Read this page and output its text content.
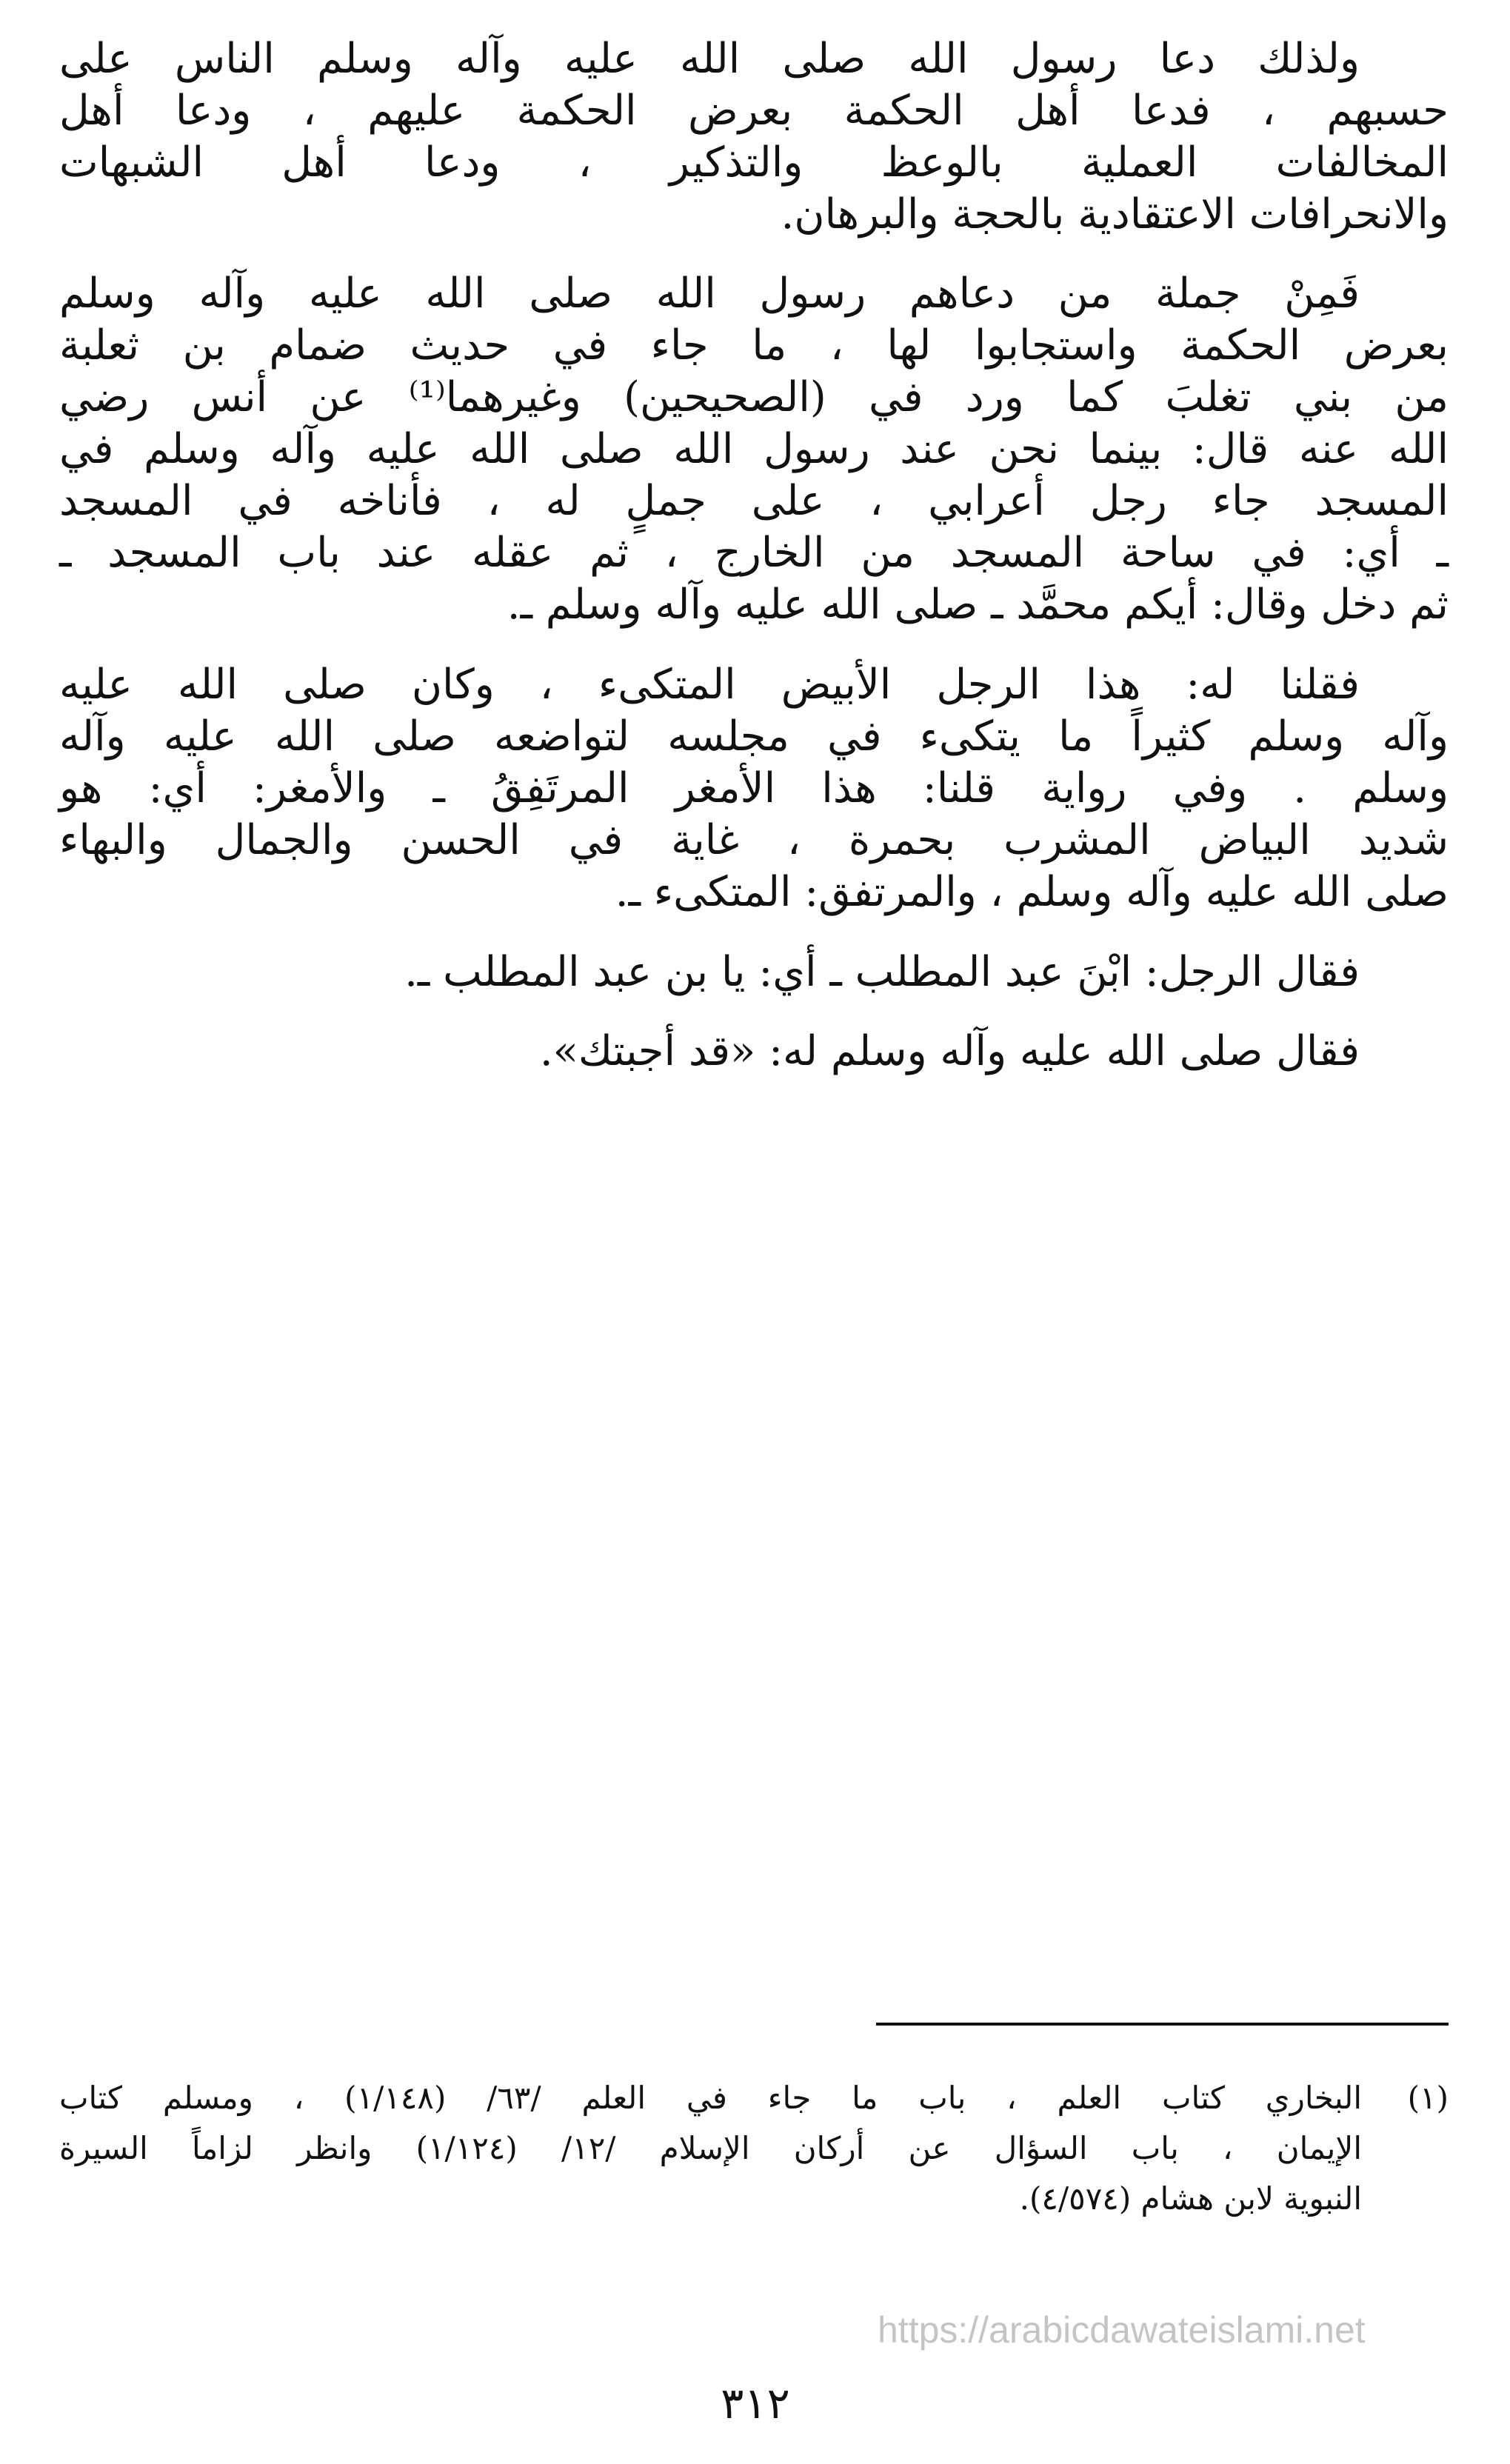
ولذلك دعا رسول الله صلى الله عليه وآله وسلم الناس على
حسبهم ، فدعا أهل الحكمة بعرض الحكمة عليهم ، ودعا أهل
المخالفات العملية بالوعظ والتذكير ، ودعا أهل الشبهات
والانحرافات الاعتقادية بالحجة والبرهان.
فَمِنْ جملة من دعاهم رسول الله صلى الله عليه وآله وسلم
بعرض الحكمة واستجابوا لها ، ما جاء في حديث ضمام بن ثعلبة
من بني تغلبَ كما ورد في (الصحيحين) وغيرهما⁽¹⁾ عن أنس رضي
الله عنه قال: بينما نحن عند رسول الله صلى الله عليه وآله وسلم في
المسجد جاء رجل أعرابي ، على جملٍ له ، فأناخه في المسجد
ـ أي: في ساحة المسجد من الخارج ، ثم عقله عند باب المسجد ـ
ثم دخل وقال: أيكم محمَّد ـ صلى الله عليه وآله وسلم ـ.
فقلنا له: هذا الرجل الأبيض المتكىء ، وكان صلى الله عليه
وآله وسلم كثيراً ما يتكىء في مجلسه لتواضعه صلى الله عليه وآله
وسلم . وفي رواية قلنا: هذا الأمغر المرتَفِقُ ـ والأمغر: أي: هو
شديد البياض المشرب بحمرة ، غاية في الحسن والجمال والبهاء
صلى الله عليه وآله وسلم ، والمرتفق: المتكىء ـ.
فقال الرجل: ابْنَ عبد المطلب ـ أي: يا بن عبد المطلب ـ.
فقال صلى الله عليه وآله وسلم له: «قد أجبتك».
(١)
البخاري كتاب العلم ، باب ما جاء في العلم /٦٣/ (١/١٤٨) ، ومسلم كتاب
الإيمان ، باب السؤال عن أركان الإسلام /١٢/ (١/١٢٤) وانظر لزاماً السيرة
النبوية لابن هشام (٤/٥٧٤).
https://arabicdawateislami.net
٣١٢
